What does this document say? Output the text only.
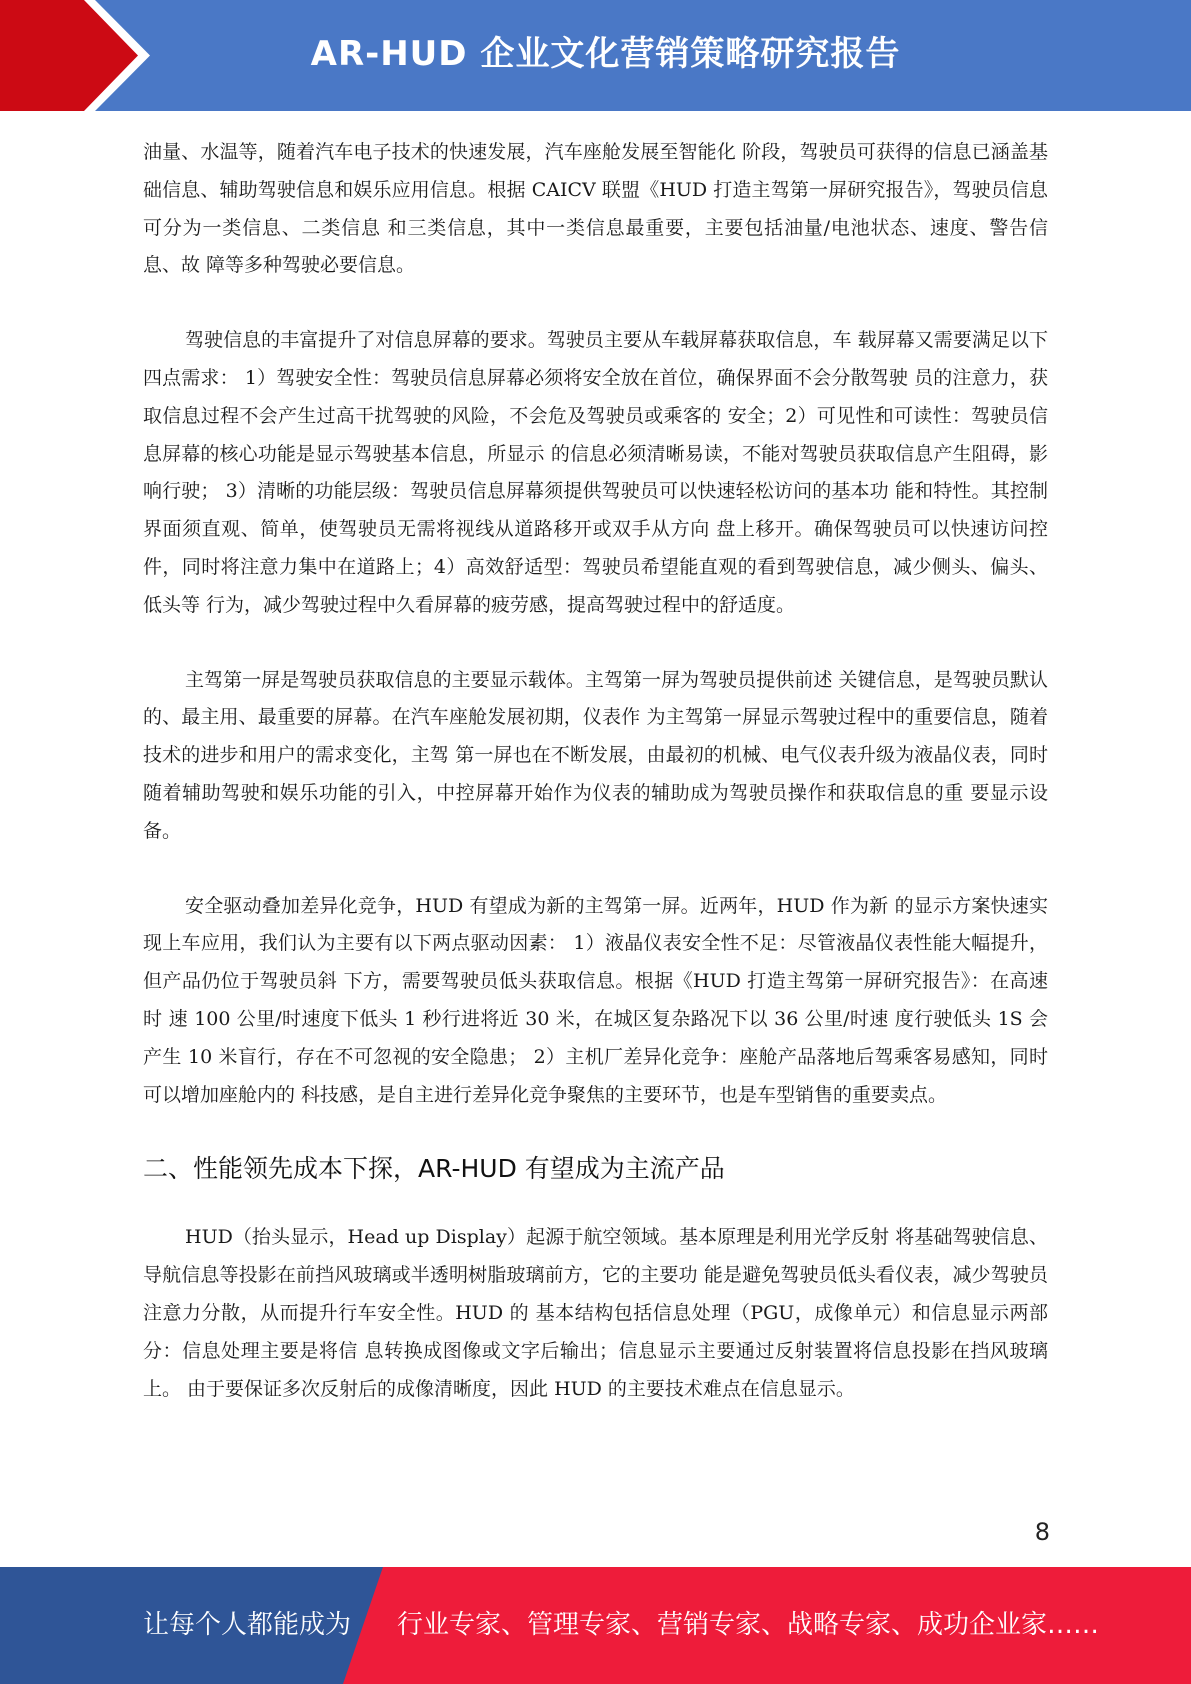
AR-HUD 企业文化营销策略研究报告

油量、水温等，随着汽车电子技术的快速发展，汽车座舱发展至智能化 阶段，驾驶员可获得的信息已涵盖基础信息、辅助驾驶信息和娱乐应用信息。根据 CAICV 联盟《HUD 打造主驾第一屏研究报告》，驾驶员信息可分为一类信息、二类信息 和三类信息，其中一类信息最重要，主要包括油量/电池状态、速度、警告信息、故 障等多种驾驶必要信息。

驾驶信息的丰富提升了对信息屏幕的要求。驾驶员主要从车载屏幕获取信息，车 载屏幕又需要满足以下四点需求： 1）驾驶安全性：驾驶员信息屏幕必须将安全放在首位，确保界面不会分散驾驶 员的注意力，获取信息过程不会产生过高干扰驾驶的风险，不会危及驾驶员或乘客的 安全；2）可见性和可读性：驾驶员信息屏幕的核心功能是显示驾驶基本信息，所显示 的信息必须清晰易读，不能对驾驶员获取信息产生阻碍，影响行驶； 3）清晰的功能层级：驾驶员信息屏幕须提供驾驶员可以快速轻松访问的基本功 能和特性。其控制界面须直观、简单，使驾驶员无需将视线从道路移开或双手从方向 盘上移开。确保驾驶员可以快速访问控件，同时将注意力集中在道路上；4）高效舒适型：驾驶员希望能直观的看到驾驶信息，减少侧头、偏头、低头等 行为，减少驾驶过程中久看屏幕的疲劳感，提高驾驶过程中的舒适度。

主驾第一屏是驾驶员获取信息的主要显示载体。主驾第一屏为驾驶员提供前述 关键信息，是驾驶员默认的、最主用、最重要的屏幕。在汽车座舱发展初期，仪表作 为主驾第一屏显示驾驶过程中的重要信息，随着技术的进步和用户的需求变化，主驾 第一屏也在不断发展，由最初的机械、电气仪表升级为液晶仪表，同时随着辅助驾驶和娱乐功能的引入，中控屏幕开始作为仪表的辅助成为驾驶员操作和获取信息的重 要显示设备。

安全驱动叠加差异化竞争，HUD 有望成为新的主驾第一屏。近两年，HUD 作为新 的显示方案快速实现上车应用，我们认为主要有以下两点驱动因素： 1）液晶仪表安全性不足：尽管液晶仪表性能大幅提升，但产品仍位于驾驶员斜 下方，需要驾驶员低头获取信息。根据《HUD 打造主驾第一屏研究报告》：在高速时 速 100 公里/时速度下低头 1 秒行进将近 30 米，在城区复杂路况下以 36 公里/时速 度行驶低头 1S 会产生 10 米盲行，存在不可忽视的安全隐患； 2）主机厂差异化竞争：座舱产品落地后驾乘客易感知，同时可以增加座舱内的 科技感，是自主进行差异化竞争聚焦的主要环节，也是车型销售的重要卖点。

二、性能领先成本下探，AR-HUD 有望成为主流产品

HUD（抬头显示，Head up Display）起源于航空领域。基本原理是利用光学反射 将基础驾驶信息、导航信息等投影在前挡风玻璃或半透明树脂玻璃前方，它的主要功 能是避免驾驶员低头看仪表，减少驾驶员注意力分散，从而提升行车安全性。HUD 的 基本结构包括信息处理（PGU，成像单元）和信息显示两部分：信息处理主要是将信 息转换成图像或文字后输出；信息显示主要通过反射装置将信息投影在挡风玻璃上。 由于要保证多次反射后的成像清晰度，因此 HUD 的主要技术难点在信息显示。

8
让每个人都能成为 行业专家、管理专家、营销专家、战略专家、成功企业家……
